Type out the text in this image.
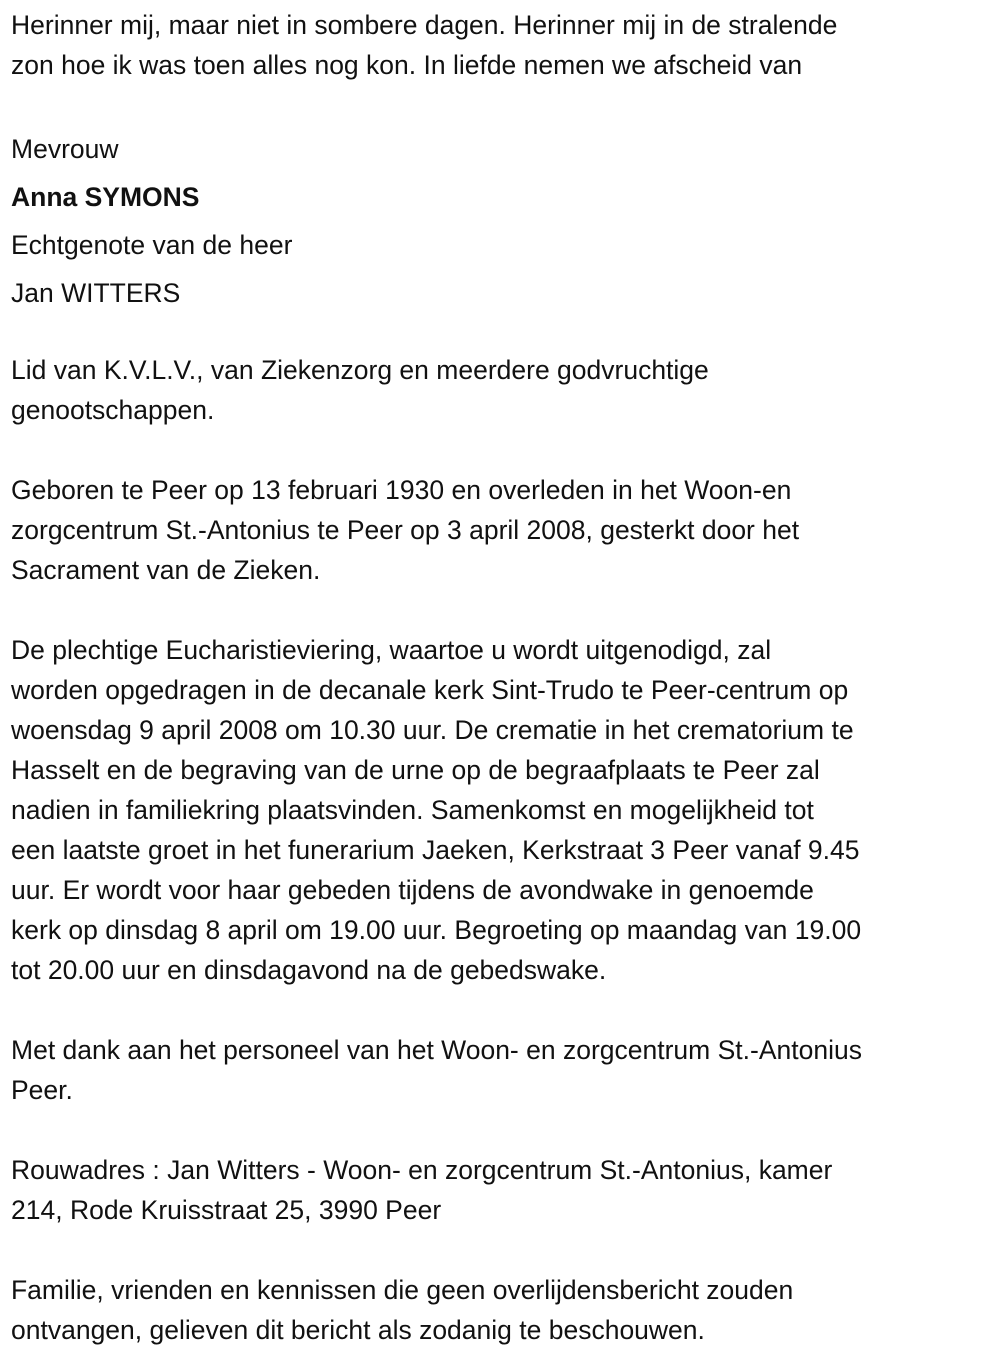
Herinner mij, maar niet in sombere dagen. Herinner mij in de stralende
zon hoe ik was toen alles nog kon. In liefde nemen we afscheid van
Mevrouw
Anna SYMONS
Echtgenote van de heer
Jan WITTERS
Lid van K.V.L.V., van Ziekenzorg en meerdere godvruchtige
genootschappen.
Geboren te Peer op 13 februari 1930 en overleden in het Woon-en
zorgcentrum St.-Antonius te Peer op 3 april 2008, gesterkt door het
Sacrament van de Zieken.
De plechtige Eucharistieviering, waartoe u wordt uitgenodigd, zal
worden opgedragen in de decanale kerk Sint-Trudo te Peer-centrum op
woensdag 9 april 2008 om 10.30 uur. De crematie in het crematorium te
Hasselt en de begraving van de urne op de begraafplaats te Peer zal
nadien in familiekring plaatsvinden. Samenkomst en mogelijkheid tot
een laatste groet in het funerarium Jaeken, Kerkstraat 3 Peer vanaf 9.45
uur. Er wordt voor haar gebeden tijdens de avondwake in genoemde
kerk op dinsdag 8 april om 19.00 uur. Begroeting op maandag van 19.00
tot 20.00 uur en dinsdagavond na de gebedswake.
Met dank aan het personeel van het Woon- en zorgcentrum St.-Antonius
Peer.
Rouwadres : Jan Witters - Woon- en zorgcentrum St.-Antonius, kamer
214, Rode Kruisstraat 25, 3990 Peer
Familie, vrienden en kennissen die geen overlijdensbericht zouden
ontvangen, gelieven dit bericht als zodanig te beschouwen.
